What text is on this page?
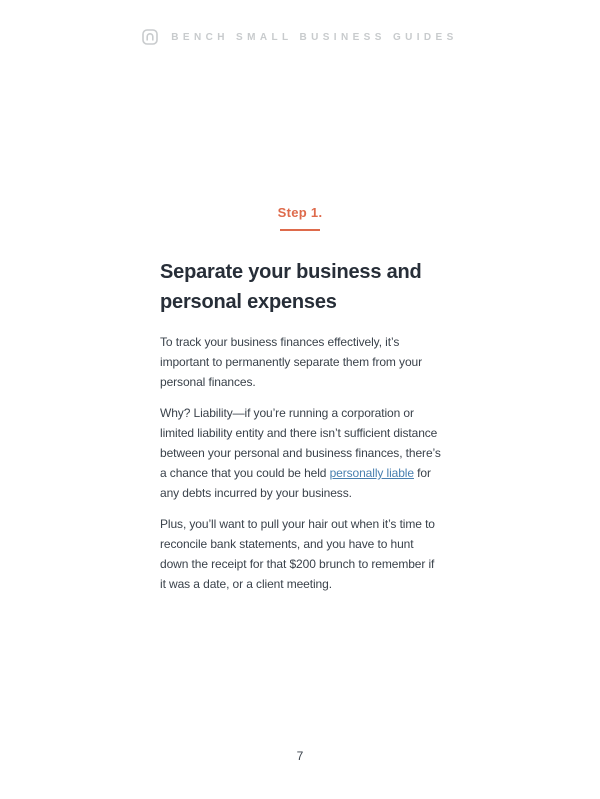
BENCH SMALL BUSINESS GUIDES
Step 1.
Separate your business and
personal expenses

To track your business finances effectively, it’s important to permanently separate them from your personal finances.

Why? Liability—if you’re running a corporation or limited liability entity and there isn’t sufficient distance between your personal and business finances, there’s a chance that you could be held personally liable for any debts incurred by your business.

Plus, you’ll want to pull your hair out when it’s time to reconcile bank statements, and you have to hunt down the receipt for that $200 brunch to remember if it was a date, or a client meeting.

7
